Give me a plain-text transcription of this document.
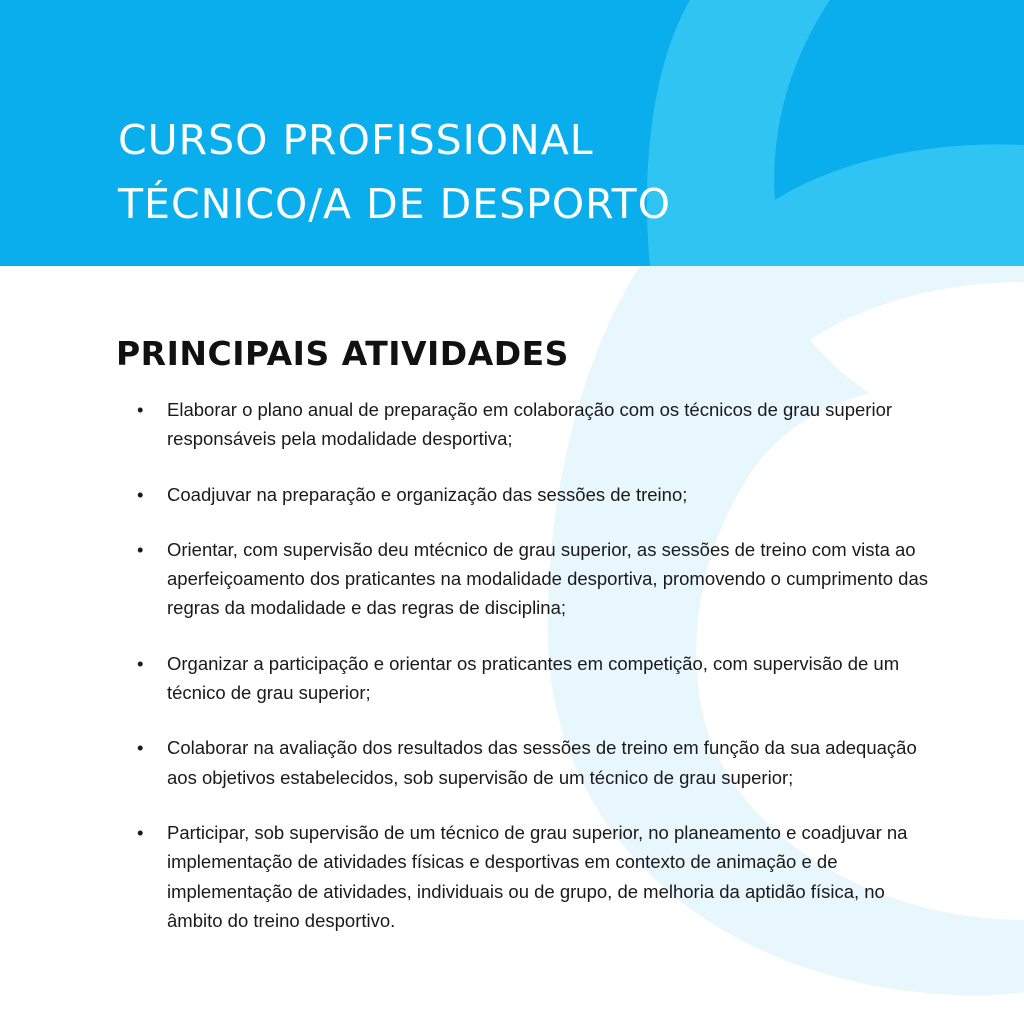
CURSO PROFISSIONAL
TÉCNICO/A DE DESPORTO
PRINCIPAIS ATIVIDADES
• Elaborar o plano anual de preparação em colaboração com os técnicos de grau superior responsáveis pela modalidade desportiva;
• Coadjuvar na preparação e organização das sessões de treino;
• Orientar, com supervisão deu mtécnico de grau superior, as sessões de treino com vista ao aperfeiçoamento dos praticantes na modalidade desportiva, promovendo o cumprimento das regras da modalidade e das regras de disciplina;
• Organizar a participação e orientar os praticantes em competição, com supervisão de um técnico de grau superior;
• Colaborar na avaliação dos resultados das sessões de treino em função da sua adequação aos objetivos estabelecidos, sob supervisão de um técnico de grau superior;
• Participar, sob supervisão de um técnico de grau superior, no planeamento e coadjuvar na implementação de atividades físicas e desportivas em contexto de animação e de implementação de atividades, individuais ou de grupo, de melhoria da aptidão física, no âmbito do treino desportivo.
